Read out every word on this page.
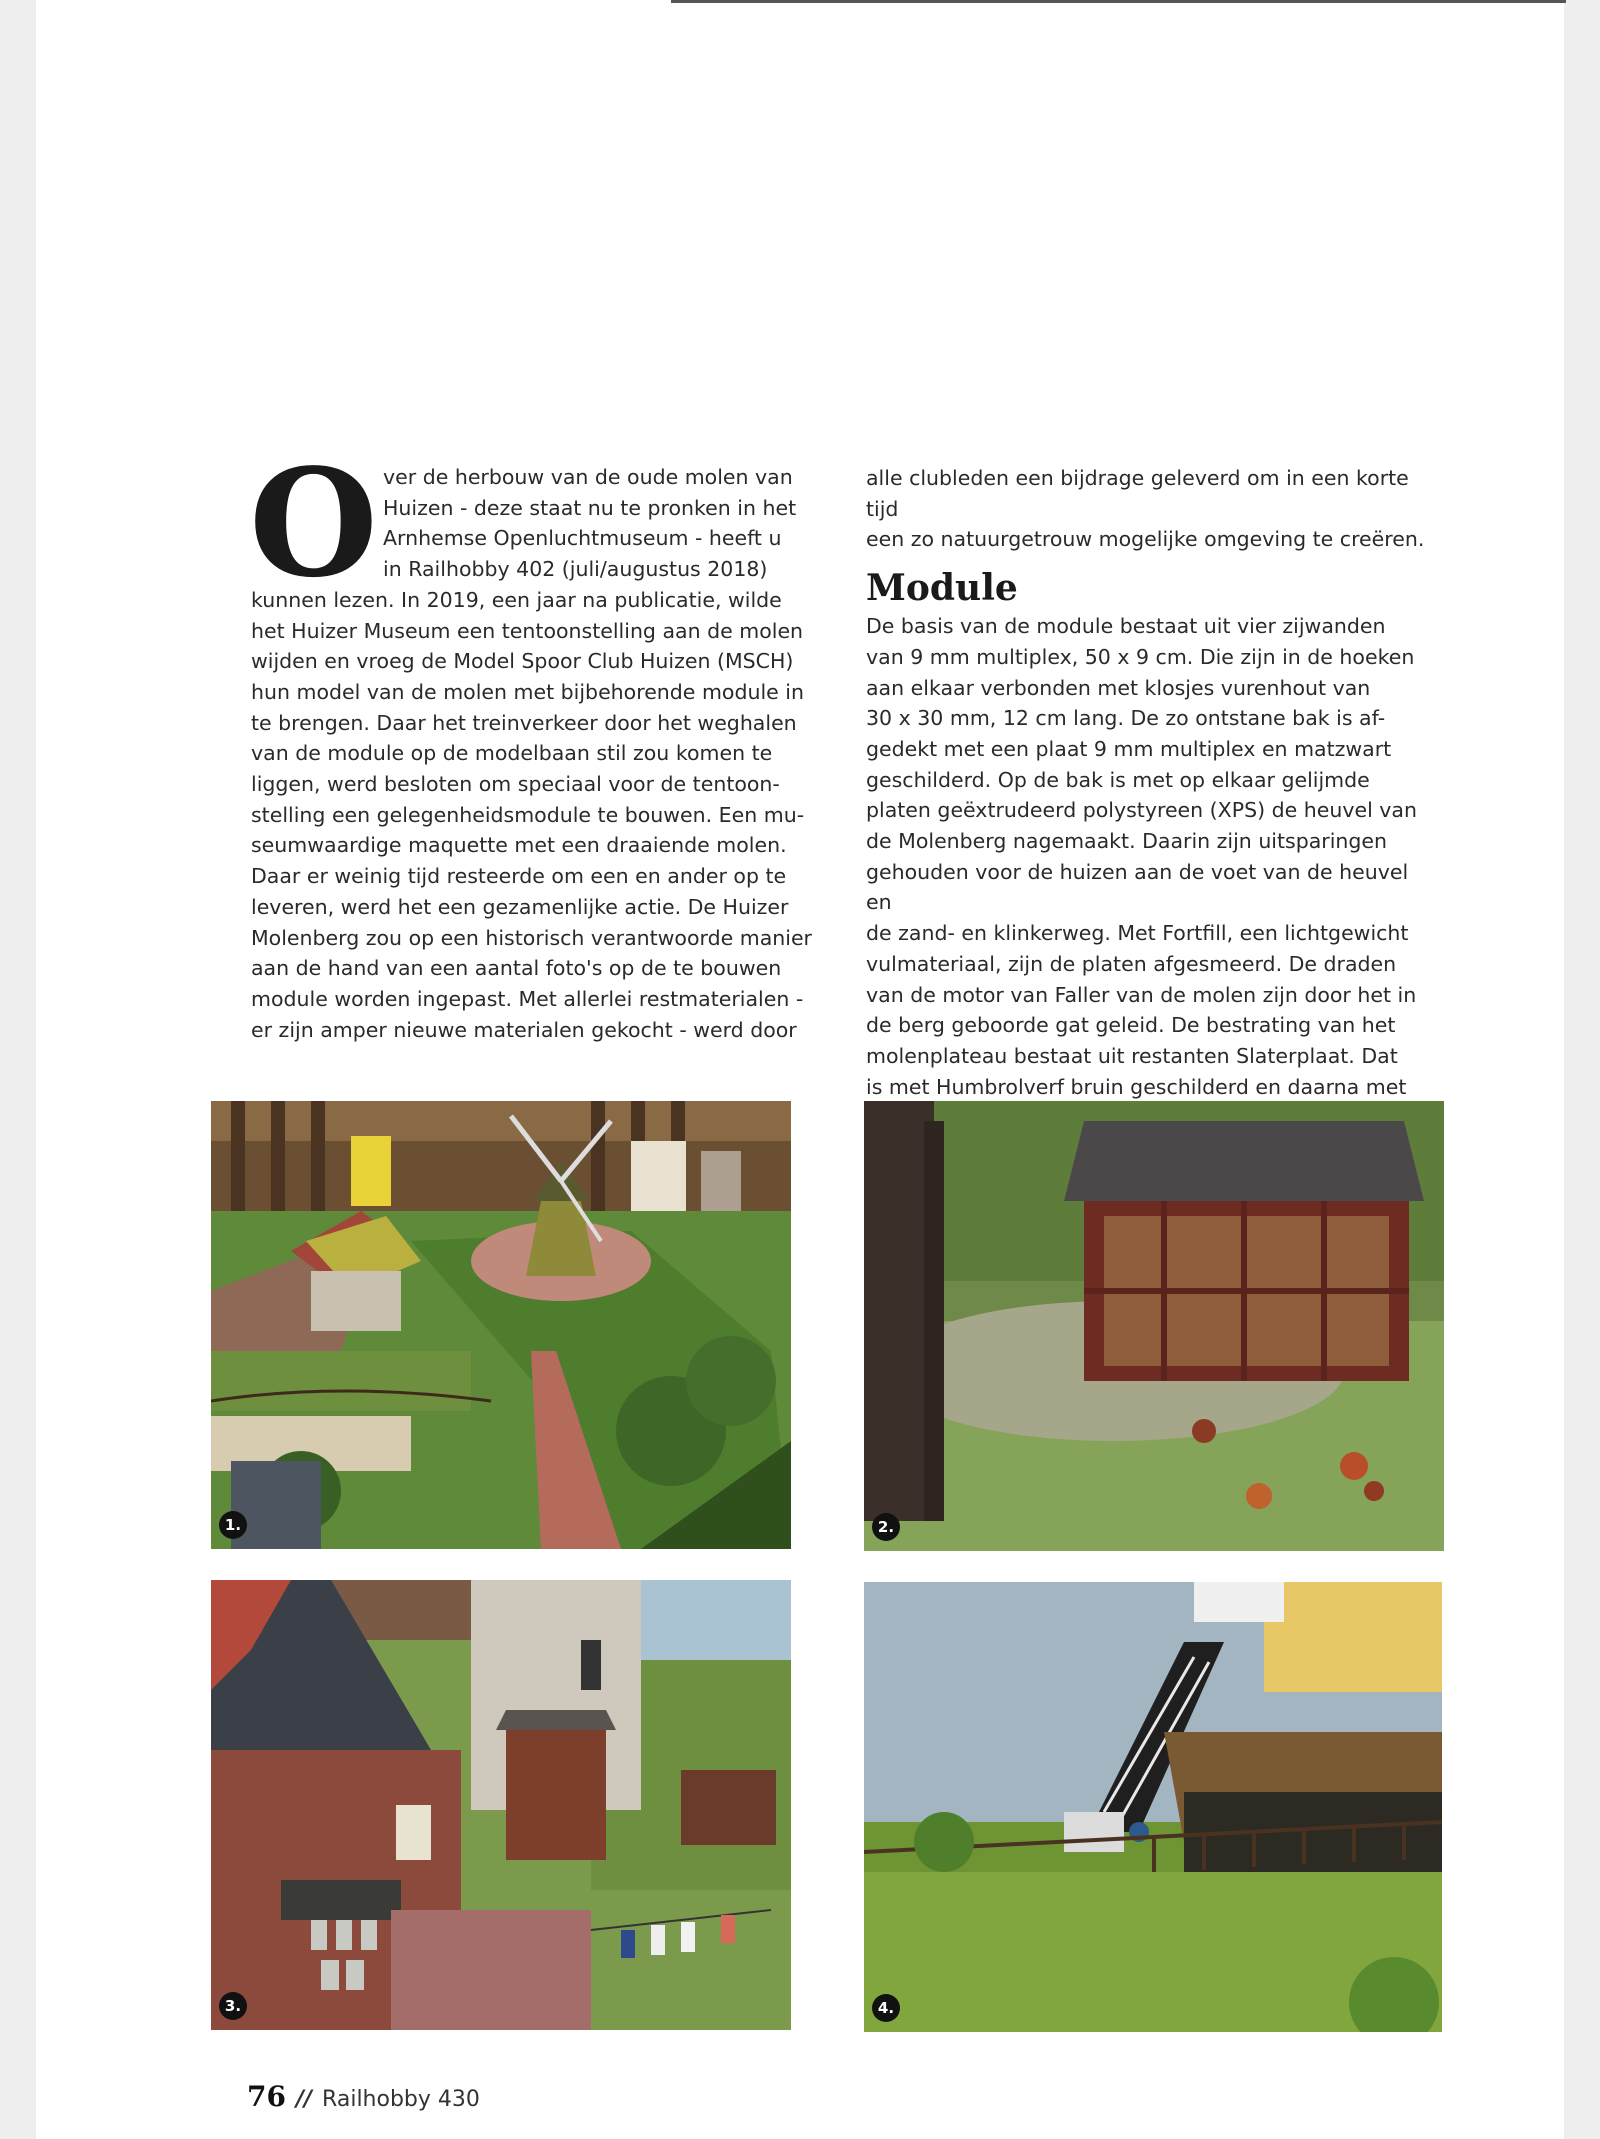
O ver de herbouw van de oude molen van

Huizen - deze staat nu te pronken in het

Arnhemse Openluchtmuseum - heeft u

in Railhobby 402 (juli/augustus 2018)

kunnen lezen. In 2019, een jaar na publicatie, wilde

het Huizer Museum een tentoonstelling aan de molen

wijden en vroeg de Model Spoor Club Huizen (MSCH)

hun model van de molen met bijbehorende module in

te brengen. Daar het treinverkeer door het weghalen

van de module op de modelbaan stil zou komen te

liggen, werd besloten om speciaal voor de tentoon-

stelling een gelegenheidsmodule te bouwen. Een mu-

seumwaardige maquette met een draaiende molen.

Daar er weinig tijd resteerde om een en ander op te

leveren, werd het een gezamenlijke actie. De Huizer

Molenberg zou op een historisch verantwoorde manier

aan de hand van een aantal foto's op de te bouwen

module worden ingepast. Met allerlei restmaterialen -

er zijn amper nieuwe materialen gekocht - werd door

alle clubleden een bijdrage geleverd om in een korte tijd

een zo natuurgetrouw mogelijke omgeving te creëren.

Module

De basis van de module bestaat uit vier zijwanden

van 9 mm multiplex, 50 x 9 cm. Die zijn in de hoeken

aan elkaar verbonden met klosjes vurenhout van

30 x 30 mm, 12 cm lang. De zo ontstane bak is af-

gedekt met een plaat 9 mm multiplex en matzwart

geschilderd. Op de bak is met op elkaar gelijmde

platen geëxtrudeerd polystyreen (XPS) de heuvel van

de Molenberg nagemaakt. Daarin zijn uitsparingen

gehouden voor de huizen aan de voet van de heuvel en

de zand- en klinkerweg. Met Fortfill, een lichtgewicht

vulmateriaal, zijn de platen afgesmeerd. De draden

van de motor van Faller van de molen zijn door het in

de berg geboorde gat geleid. De bestrating van het

molenplateau bestaat uit restanten Slaterplaat. Dat

is met Humbrolverf bruin geschilderd en daarna met

1.	2.
3.	4.
76 // Railhobby 430
